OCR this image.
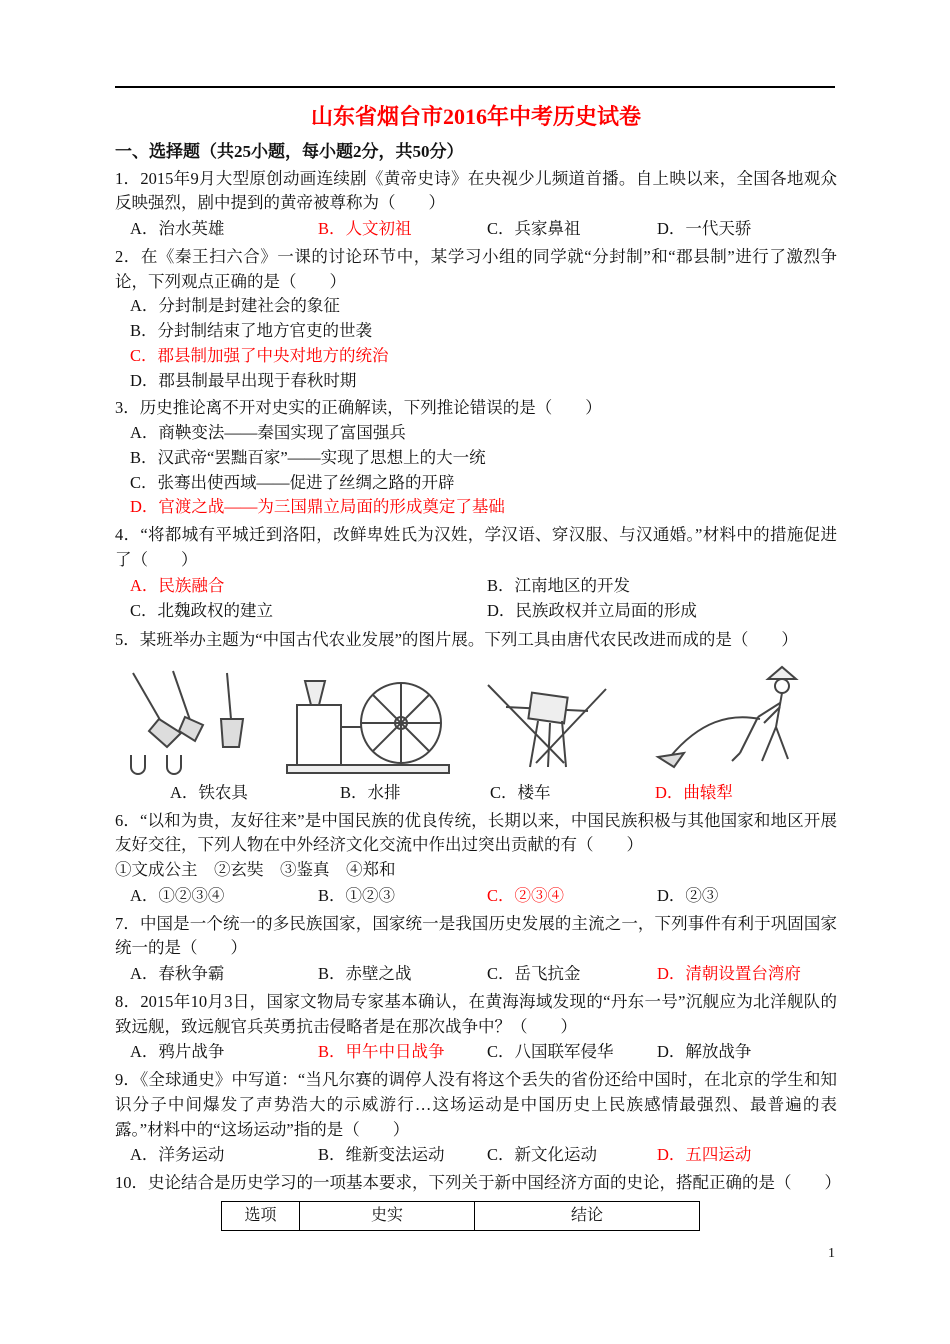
山东省烟台市2016年中考历史试卷
一、选择题（共25小题，每小题2分，共50分）

1．2015年9月大型原创动画连续剧《黄帝史诗》在央视少儿频道首播。自上映以来，全国各地观众反映强烈，剧中提到的黄帝被尊称为（　　）

A．治水英雄	B．人文初祖	C．兵家鼻祖	D．一代天骄

2．在《秦王扫六合》一课的讨论环节中，某学习小组的同学就“分封制”和“郡县制”进行了激烈争论，下列观点正确的是（　　）

A．分封制是封建社会的象征

B．分封制结束了地方官吏的世袭

C．郡县制加强了中央对地方的统治

D．郡县制最早出现于春秋时期

3．历史推论离不开对史实的正确解读，下列推论错误的是（　　）

A．商鞅变法——秦国实现了富国强兵

B．汉武帝“罢黜百家”——实现了思想上的大一统

C．张骞出使西域——促进了丝绸之路的开辟

D．官渡之战——为三国鼎立局面的形成奠定了基础

4．“将都城有平城迁到洛阳，改鲜卑姓氏为汉姓，学汉语、穿汉服、与汉通婚。”材料中的措施促进了（　　）

A．民族融合	B．江南地区的开发
C．北魏政权的建立	D．民族政权并立局面的形成

5．某班举办主题为“中国古代农业发展”的图片展。下列工具由唐代农民改进而成的是（　　）

A．铁农具	B．水排	C．楼车	D．曲辕犁

6．“以和为贵，友好往来”是中国民族的优良传统，长期以来，中国民族积极与其他国家和地区开展友好交往，下列人物在中外经济文化交流中作出过突出贡献的有（　　）

①文成公主　②玄奘　③鉴真　④郑和

A．①②③④	B．①②③	C．②③④	D．②③

7．中国是一个统一的多民族国家，国家统一是我国历史发展的主流之一，下列事件有利于巩固国家统一的是（　　）

A．春秋争霸	B．赤壁之战	C．岳飞抗金	D．清朝设置台湾府

8．2015年10月3日，国家文物局专家基本确认，在黄海海域发现的“丹东一号”沉舰应为北洋舰队的致远舰，致远舰官兵英勇抗击侵略者是在那次战争中？（　　）

A．鸦片战争	B．甲午中日战争	C．八国联军侵华	D．解放战争

9．《全球通史》中写道：“当凡尔赛的调停人没有将这个丢失的省份还给中国时，在北京的学生和知识分子中间爆发了声势浩大的示威游行…这场运动是中国历史上民族感情最强烈、最普遍的表露。”材料中的“这场运动”指的是（　　）

A．洋务运动	B．维新变法运动	C．新文化运动	D．五四运动

10．史论结合是历史学习的一项基本要求，下列关于新中国经济方面的史论，搭配正确的是（　　）

选项	史实	结论
1
